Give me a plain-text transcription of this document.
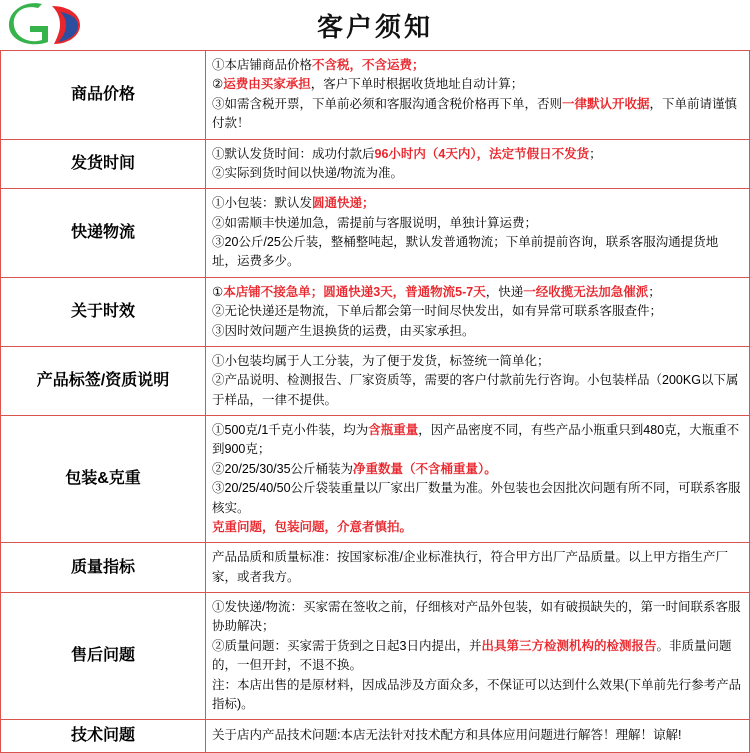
客户须知
商品价格	①本店铺商品价格不含税，不含运费；

②运费由买家承担，客户下单时根据收货地址自动计算；

③如需含税开票，下单前必须和客服沟通含税价格再下单，否则一律默认开收据，下单前请谨慎付款！

发货时间	①默认发货时间：成功付款后96小时内（4天内），法定节假日不发货；

②实际到货时间以快递/物流为准。

快递物流	①小包装：默认发圆通快递；

②如需顺丰快递加急，需提前与客服说明，单独计算运费；

③20公斤/25公斤装，整桶整吨起，默认发普通物流；下单前提前咨询，联系客服沟通提货地址，运费多少。

关于时效	①本店铺不接急单；圆通快递3天，普通物流5-7天，快递一经收揽无法加急催派；

②无论快递还是物流，下单后都会第一时间尽快发出，如有异常可联系客服查件；

③因时效问题产生退换货的运费，由买家承担。

产品标签/资质说明	①小包装均属于人工分装，为了便于发货，标签统一简单化；

②产品说明、检测报告、厂家资质等，需要的客户付款前先行咨询。小包装样品（200KG以下属于样品，一律不提供。

包装&克重	①500克/1千克小件装，均为含瓶重量，因产品密度不同，有些产品小瓶重只到480克，大瓶重不到900克；

②20/25/30/35公斤桶装为净重数量（不含桶重量）。

③20/25/40/50公斤袋装重量以厂家出厂数量为准。外包装也会因批次问题有所不同，可联系客服核实。

克重问题，包装问题，介意者慎拍。

质量指标	产品品质和质量标准：按国家标准/企业标准执行，符合甲方出厂产品质量。以上甲方指生产厂家，或者我方。

售后问题	①发快递/物流：买家需在签收之前，仔细核对产品外包装，如有破损缺失的，第一时间联系客服协助解决；

②质量问题：买家需于货到之日起3日内提出，并出具第三方检测机构的检测报告。非质量问题的，一但开封，不退不换。

注：本店出售的是原材料，因成品涉及方面众多，不保证可以达到什么效果(下单前先行参考产品指标)。

技术问题	关于店内产品技术问题:本店无法针对技术配方和具体应用问题进行解答！理解！谅解!
